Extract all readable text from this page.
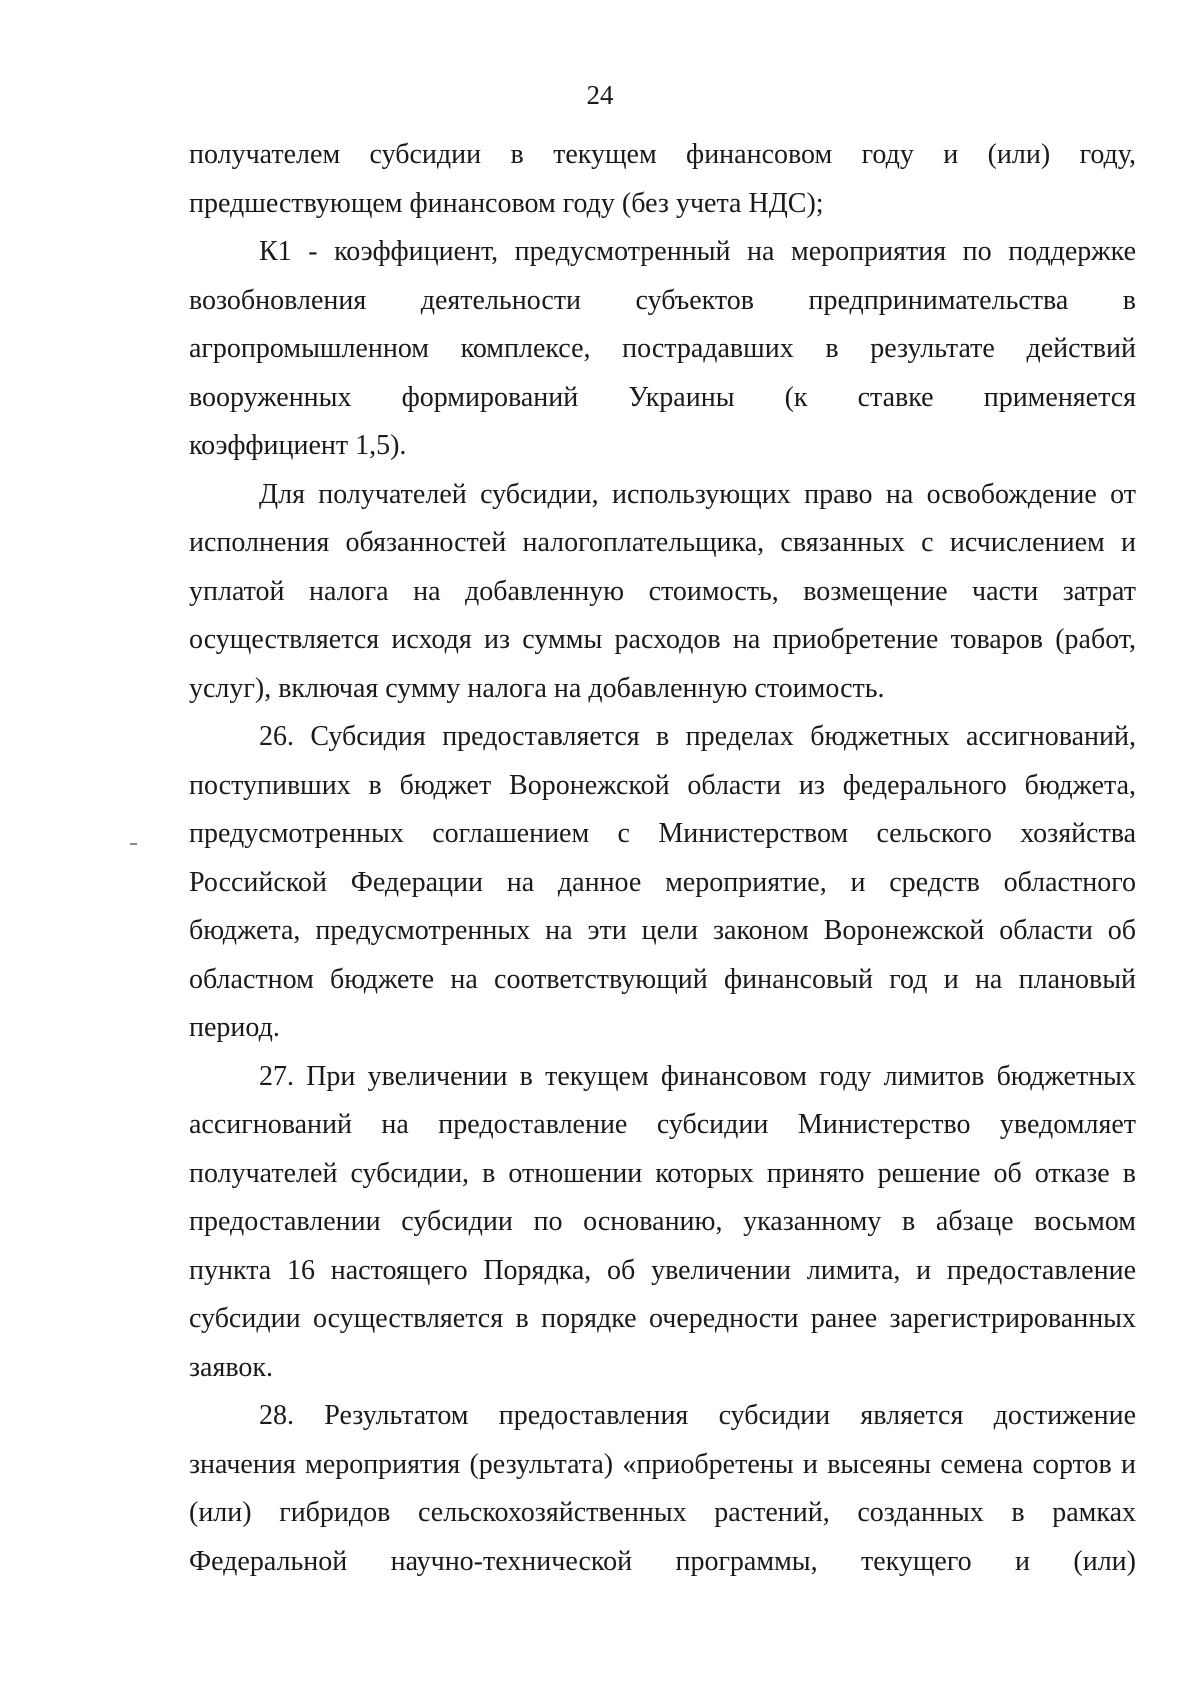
24
получателем субсидии в текущем финансовом году и (или) году,
предшествующем финансовом году (без учета НДС);
К1 - коэффициент, предусмотренный на мероприятия по поддержке
возобновления деятельности субъектов предпринимательства в
агропромышленном комплексе, пострадавших в результате действий
вооруженных формирований Украины (к ставке применяется
коэффициент 1,5).
Для получателей субсидии, использующих право на освобождение от
исполнения обязанностей налогоплательщика, связанных с исчислением и
уплатой налога на добавленную стоимость, возмещение части затрат
осуществляется исходя из суммы расходов на приобретение товаров (работ,
услуг), включая сумму налога на добавленную стоимость.
26. Субсидия предоставляется в пределах бюджетных ассигнований,
поступивших в бюджет Воронежской области из федерального бюджета,
предусмотренных соглашением с Министерством сельского хозяйства
Российской Федерации на данное мероприятие, и средств областного
бюджета, предусмотренных на эти цели законом Воронежской области об
областном бюджете на соответствующий финансовый год и на плановый
период.
27. При увеличении в текущем финансовом году лимитов бюджетных
ассигнований на предоставление субсидии Министерство уведомляет
получателей субсидии, в отношении которых принято решение об отказе в
предоставлении субсидии по основанию, указанному в абзаце восьмом
пункта 16 настоящего Порядка, об увеличении лимита, и предоставление
субсидии осуществляется в порядке очередности ранее зарегистрированных
заявок.
28. Результатом предоставления субсидии является достижение
значения мероприятия (результата) «приобретены и высеяны семена сортов и
(или) гибридов сельскохозяйственных растений, созданных в рамках
Федеральной научно-технической программы, текущего и (или)
